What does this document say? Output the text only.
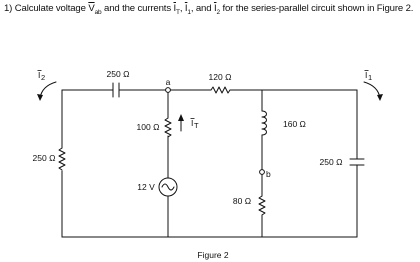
1) Calculate voltage $\overline{V}_{ab}$ and the currents $\overline{I}_T$, $\overline{I}_1$, and $\overline{I}_2$ for the series-parallel circuit shown in Figure 2.
250 Ω	120 Ω
a
100 Ω	160 Ω
b
250 Ω	250 Ω
12 V
80 Ω
Figure 2
I 2	I 1
I T
